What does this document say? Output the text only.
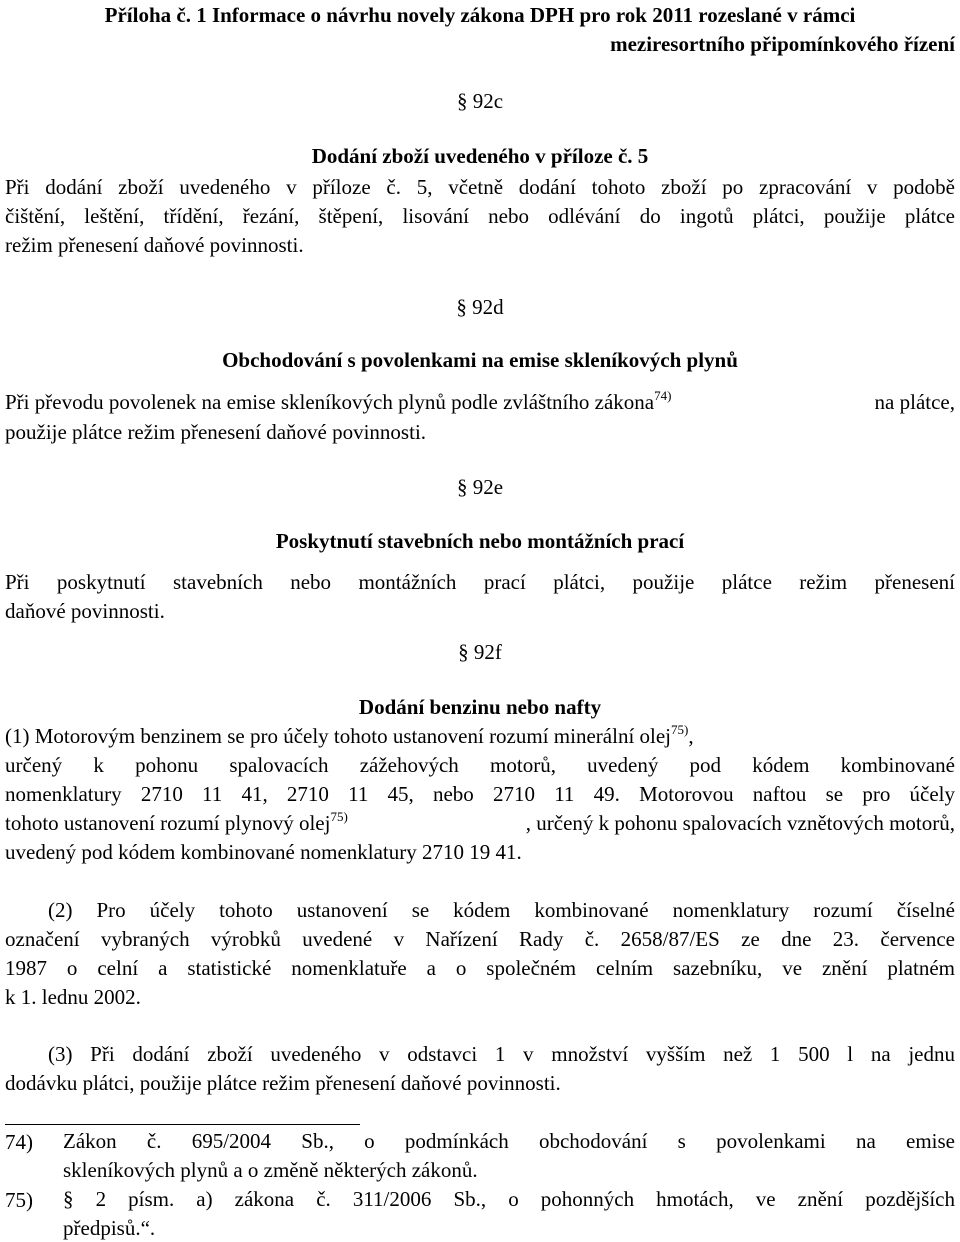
Příloha č. 1 Informace o návrhu novely zákona DPH pro rok 2011 rozeslané v rámci
meziresortního připomínkového řízení
§ 92c
Dodání zboží uvedeného v příloze č. 5
Při dodání zboží uvedeného v příloze č. 5, včetně dodání tohoto zboží po zpracování v podobě
čištění, leštění, třídění, řezání, štěpení, lisování nebo odlévání do ingotů plátci, použije plátce
režim přenesení daňové povinnosti.
§ 92d
Obchodování s povolenkami na emise skleníkových plynů
Při převodu povolenek na emise skleníkových plynů podle zvláštního zákona$^{74)}$	na plátce,
použije plátce režim přenesení daňové povinnosti.
§ 92e
Poskytnutí stavebních nebo montážních prací
Při poskytnutí stavebních nebo montážních prací plátci, použije plátce režim přenesení
daňové povinnosti.
§ 92f
Dodání benzinu nebo nafty
(1) Motorovým benzinem se pro účely tohoto ustanovení rozumí minerální olej$^{75)}$,
určený k pohonu spalovacích zážehových motorů, uvedený pod kódem kombinované
nomenklatury 2710 11 41, 2710 11 45, nebo 2710 11 49. Motorovou naftou se pro účely
tohoto ustanovení rozumí plynový olej$^{75)}$	, určený k pohonu spalovacích vznětových motorů,
uvedený pod kódem kombinované nomenklatury 2710 19 41.
(2) Pro účely tohoto ustanovení se kódem kombinované nomenklatury rozumí číselné
označení vybraných výrobků uvedené v Nařízení Rady č. 2658/87/ES ze dne 23. července
1987 o celní a statistické nomenklatuře a o společném celním sazebníku, ve znění platném
k 1. lednu 2002.
(3) Při dodání zboží uvedeného v odstavci 1 v množství vyšším než 1 500 l na jednu
dodávku plátci, použije plátce režim přenesení daňové povinnosti.
74) Zákon č. 695/2004 Sb., o podmínkách obchodování s povolenkami na emise
skleníkových plynů a o změně některých zákonů.
75) § 2 písm. a) zákona č. 311/2006 Sb., o pohonných hmotách, ve znění pozdějších
předpisů.“.
